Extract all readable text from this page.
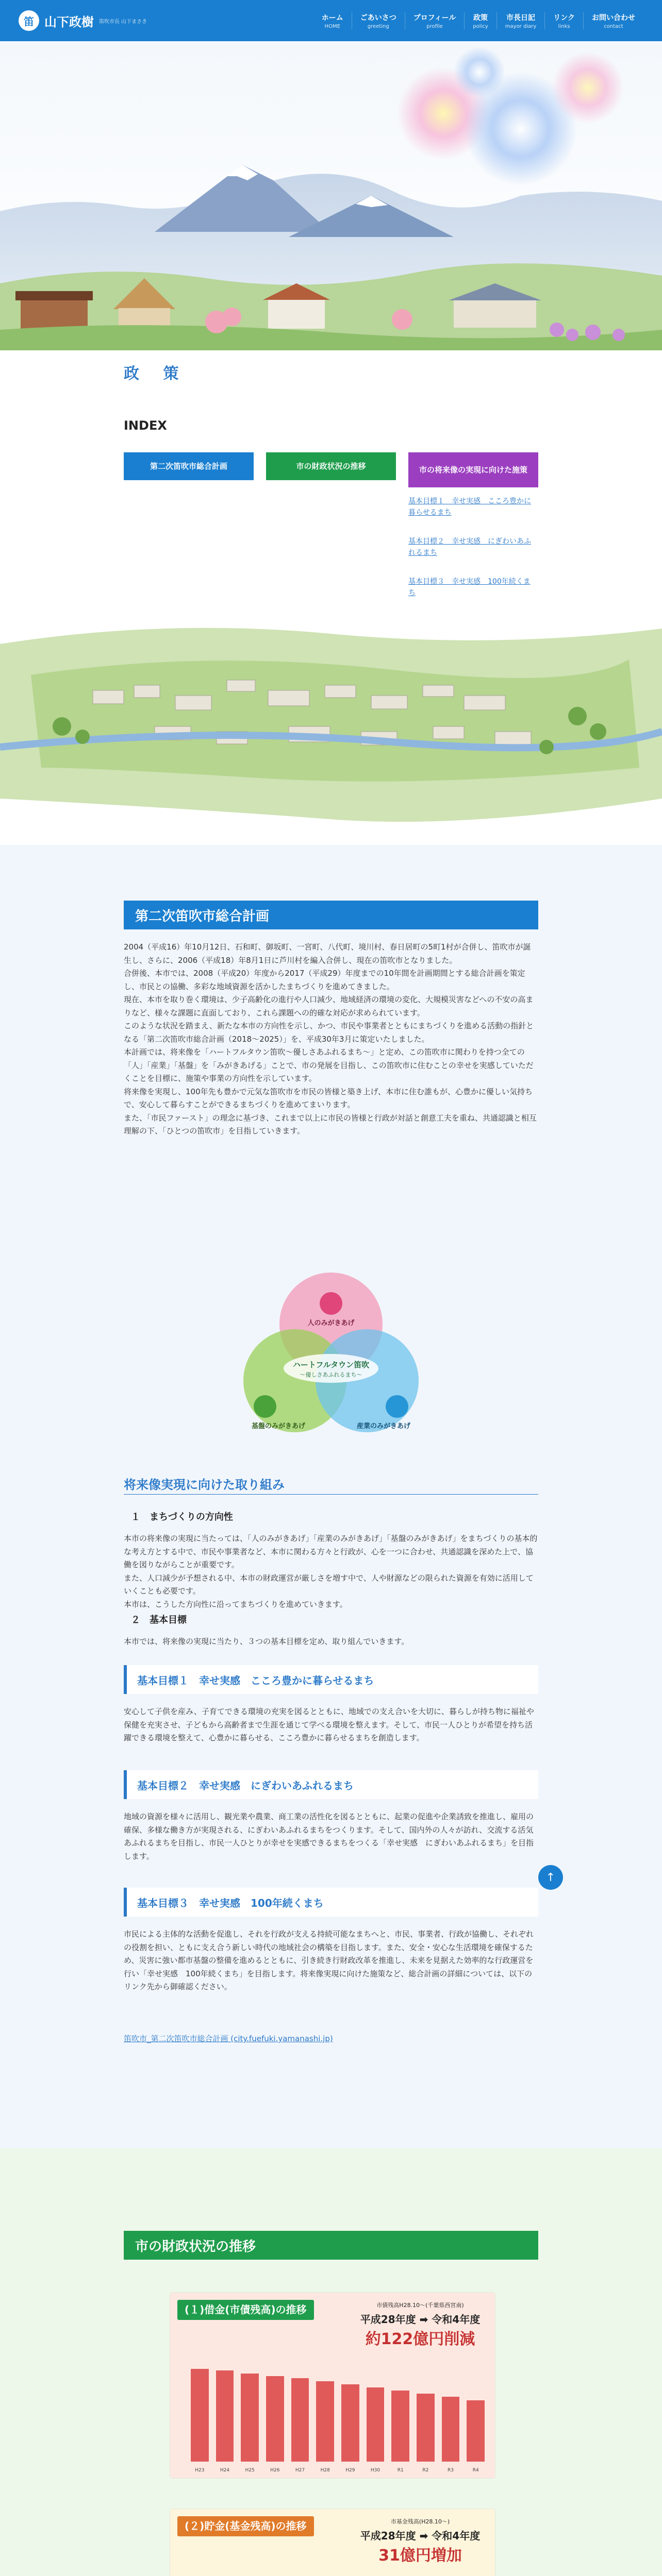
笛 山下政樹 笛吹市長 山下まさき	ホーム
HOME
ごあいさつ
greeting
プロフィール
profile
政策
policy
市長日記
mayor diary
リンク
links
お問い合わせ
contact
政 策
INDEX
第二次笛吹市総合計画	市の財政状況の推移	市の将来像の実現に向けた施策
基本目標１　幸せ実感　こころ豊かに暮らせるまち
基本目標２　幸せ実感　にぎわいあふれるまち
基本目標３　幸せ実感　100年続くまち
第二次笛吹市総合計画

2004（平成16）年10月12日、石和町、御坂町、一宮町、八代町、境川村、春日居町の5町1村が合併し、笛吹市が誕生し、さらに、2006（平成18）年8月1日に芦川村を編入合併し、現在の笛吹市となりました。

合併後、本市では、2008（平成20）年度から2017（平成29）年度までの10年間を計画期間とする総合計画を策定し、市民との協働、多彩な地域資源を活かしたまちづくりを進めてきました。

現在、本市を取り巻く環境は、少子高齢化の進行や人口減少、地域経済の環境の変化、大規模災害などへの不安の高まりなど、様々な課題に直面しており、これら課題への的確な対応が求められています。

このような状況を踏まえ、新たな本市の方向性を示し、かつ、市民や事業者とともにまちづくりを進める活動の指針となる「第二次笛吹市総合計画（2018〜2025）」を、平成30年3月に策定いたしました。

本計画では、将来像を「ハートフルタウン笛吹〜優しさあふれるまち〜」と定め、この笛吹市に関わりを持つ全ての「人」「産業」「基盤」を「みがきあげる」ことで、市の発展を目指し、この笛吹市に住むことの幸せを実感していただくことを目標に、施策や事業の方向性を示しています。

将来像を実現し、100年先も豊かで元気な笛吹市を市民の皆様と築き上げ、本市に住む誰もが、心豊かに優しい気持ちで、安心して暮らすことができるまちづくりを進めてまいります。

また、「市民ファースト」の理念に基づき、これまで以上に市民の皆様と行政が対話と創意工夫を重ね、共通認識と相互理解の下、「ひとつの笛吹市」を目指していきます。

人のみがきあげ
基盤のみがきあげ	産業のみがきあげ
ハートフルタウン笛吹
〜優しさあふれるまち〜
将来像実現に向けた取り組み
１　まちづくりの方向性

本市の将来像の実現に当たっては、「人のみがきあげ」「産業のみがきあげ」「基盤のみがきあげ」をまちづくりの基本的な考え方とする中で、市民や事業者など、本市に関わる方々と行政が、心を一つに合わせ、共通認識を深めた上で、協働を図りながらことが重要です。

また、人口減少が予想される中、本市の財政運営が厳しさを増す中で、人や財源などの限られた資源を有効に活用していくことも必要です。

本市は、こうした方向性に沿ってまちづくりを進めていきます。

２　基本目標
本市では、将来像の実現に当たり、３つの基本目標を定め、取り組んでいきます。
基本目標１　幸せ実感　こころ豊かに暮らせるまち
安心して子供を産み、子育てできる環境の充実を図るとともに、地域での支え合いを大切に、暮らしが持ち物に福祉や保健を充実させ、子どもから高齢者まで生涯を通じて学べる環境を整えます。そして、市民一人ひとりが希望を持ち活躍できる環境を整えて、心豊かに暮らせる、こころ豊かに暮らせるまちを創造します。
基本目標２　幸せ実感　にぎわいあふれるまち
地域の資源を様々に活用し、観光業や農業、商工業の活性化を図るとともに、起業の促進や企業誘致を推進し、雇用の確保、多様な働き方が実現される、にぎわいあふれるまちをつくります。そして、国内外の人々が訪れ、交流する活気あふれるまちを目指し、市民一人ひとりが幸せを実感できるまちをつくる「幸せ実感　にぎわいあふれるまち」を目指します。
基本目標３　幸せ実感　100年続くまち
市民による主体的な活動を促進し、それを行政が支える持続可能なまちへと、市民、事業者、行政が協働し、それぞれの役割を担い、ともに支え合う新しい時代の地域社会の構築を目指します。また、安全・安心な生活環境を確保するため、災害に強い都市基盤の整備を進めるとともに、引き続き行財政改革を推進し、未来を見据えた効率的な行政運営を行い「幸せ実感　100年続くまち」を目指します。将来像実現に向けた施策など、総合計画の詳細については、以下のリンク先から御確認ください。
笛吹市_第二次笛吹市総合計画 (city.fuefuki.yamanashi.jp)
↑
市の財政状況の推移
(１)借金(市債残高)の推移	市債残高H28.10〜(千葉県西宮南)
平成28年度 ➡ 令和4年度
約122億円削減
H23	H24	H25	H26	H27	H28	H29	H30	R1	R2	R3	R4
(２)貯金(基金残高)の推移	市基金残高(H28.10〜)
平成28年度 ➡ 令和4年度
31億円増加
